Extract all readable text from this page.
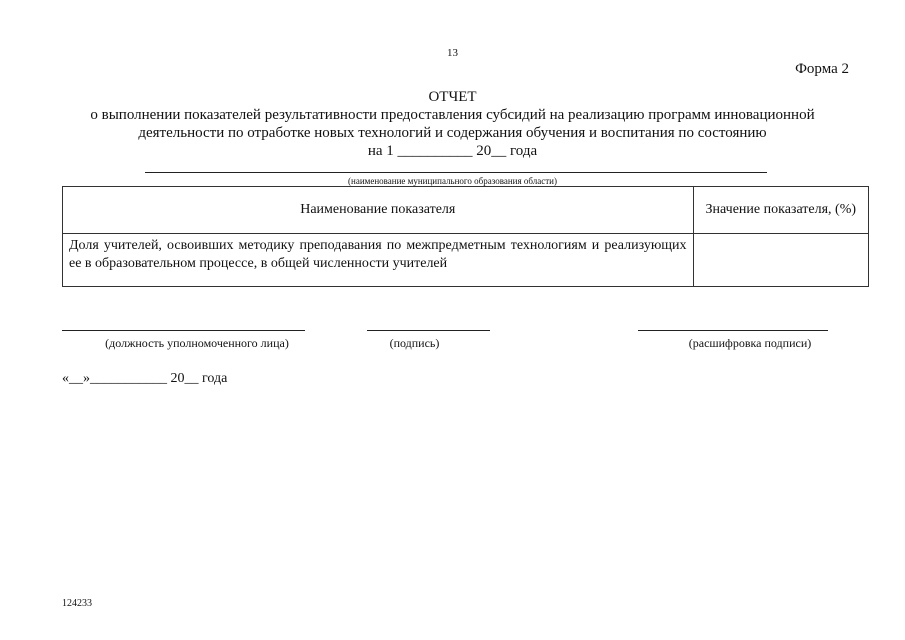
13
Форма 2
ОТЧЕТ
о выполнении показателей результативности предоставления субсидий на реализацию программ инновационной
деятельности по отработке новых технологий и содержания обучения и воспитания по состоянию
на 1 __________ 20__ года
(наименование муниципального образования области)
Наименование показателя	Значение показателя, (%)
Доля учителей, освоивших методику преподавания по межпредметным технологиям и реализующих ее в образовательном процессе, в общей численности учителей	
(должность уполномоченного лица)	(подпись)	(расшифровка подписи)
«__»___________ 20__ года
124233
